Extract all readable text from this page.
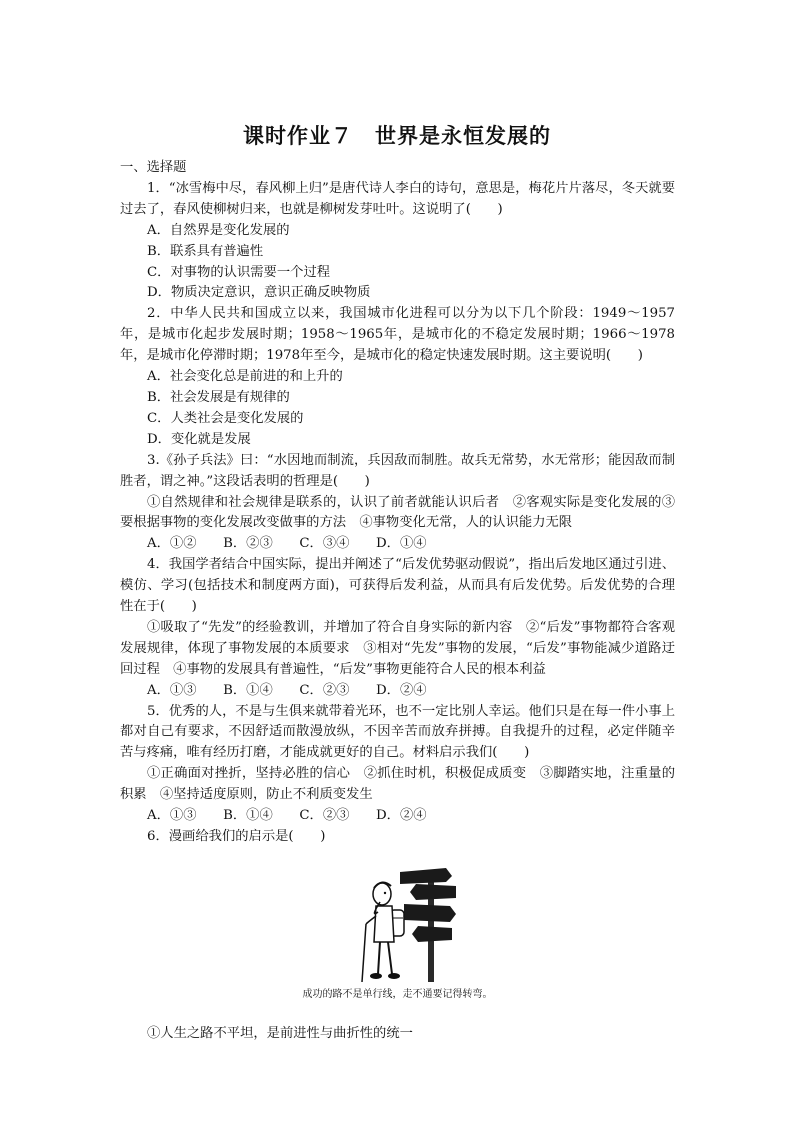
课时作业７　世界是永恒发展的

一、选择题

1．“冰雪梅中尽，春风柳上归”是唐代诗人李白的诗句，意思是，梅花片片落尽，冬天就要过去了，春风使柳树归来，也就是柳树发芽吐叶。这说明了(　　)

A．自然界是变化发展的

B．联系具有普遍性

C．对事物的认识需要一个过程

D．物质决定意识，意识正确反映物质

2．中华人民共和国成立以来，我国城市化进程可以分为以下几个阶段：1949～1957年，是城市化起步发展时期；1958～1965年，是城市化的不稳定发展时期；1966～1978年，是城市化停滞时期；1978年至今，是城市化的稳定快速发展时期。这主要说明(　　)

A．社会变化总是前进的和上升的

B．社会发展是有规律的

C．人类社会是变化发展的

D．变化就是发展

3.《孙子兵法》曰：“水因地而制流，兵因敌而制胜。故兵无常势，水无常形；能因敌而制胜者，谓之神。”这段话表明的哲理是(　　)

①自然规律和社会规律是联系的，认识了前者就能认识后者　②客观实际是变化发展的③要根据事物的变化发展改变做事的方法　④事物变化无常，人的认识能力无限

A．①②　　B．②③　　C．③④　　D．①④

4．我国学者结合中国实际，提出并阐述了“后发优势驱动假说”，指出后发地区通过引进、模仿、学习(包括技术和制度两方面)，可获得后发利益，从而具有后发优势。后发优势的合理性在于(　　)

①吸取了“先发”的经验教训，并增加了符合自身实际的新内容　②“后发”事物都符合客观发展规律，体现了事物发展的本质要求　③相对“先发”事物的发展，“后发”事物能减少道路迂回过程　④事物的发展具有普遍性，“后发”事物更能符合人民的根本利益

A．①③　　B．①④　　C．②③　　D．②④

5．优秀的人，不是与生俱来就带着光环，也不一定比别人幸运。他们只是在每一件小事上都对自己有要求，不因舒适而散漫放纵，不因辛苦而放弃拼搏。自我提升的过程，必定伴随辛苦与疼痛，唯有经历打磨，才能成就更好的自己。材料启示我们(　　)

①正确面对挫折，坚持必胜的信心　②抓住时机，积极促成质变　③脚踏实地，注重量的积累　④坚持适度原则，防止不利质变发生

A．①③　　B．①④　　C．②③　　D．②④

6．漫画给我们的启示是(　　)

成功的路不是单行线，走不通要记得转弯。

①人生之路不平坦，是前进性与曲折性的统一
